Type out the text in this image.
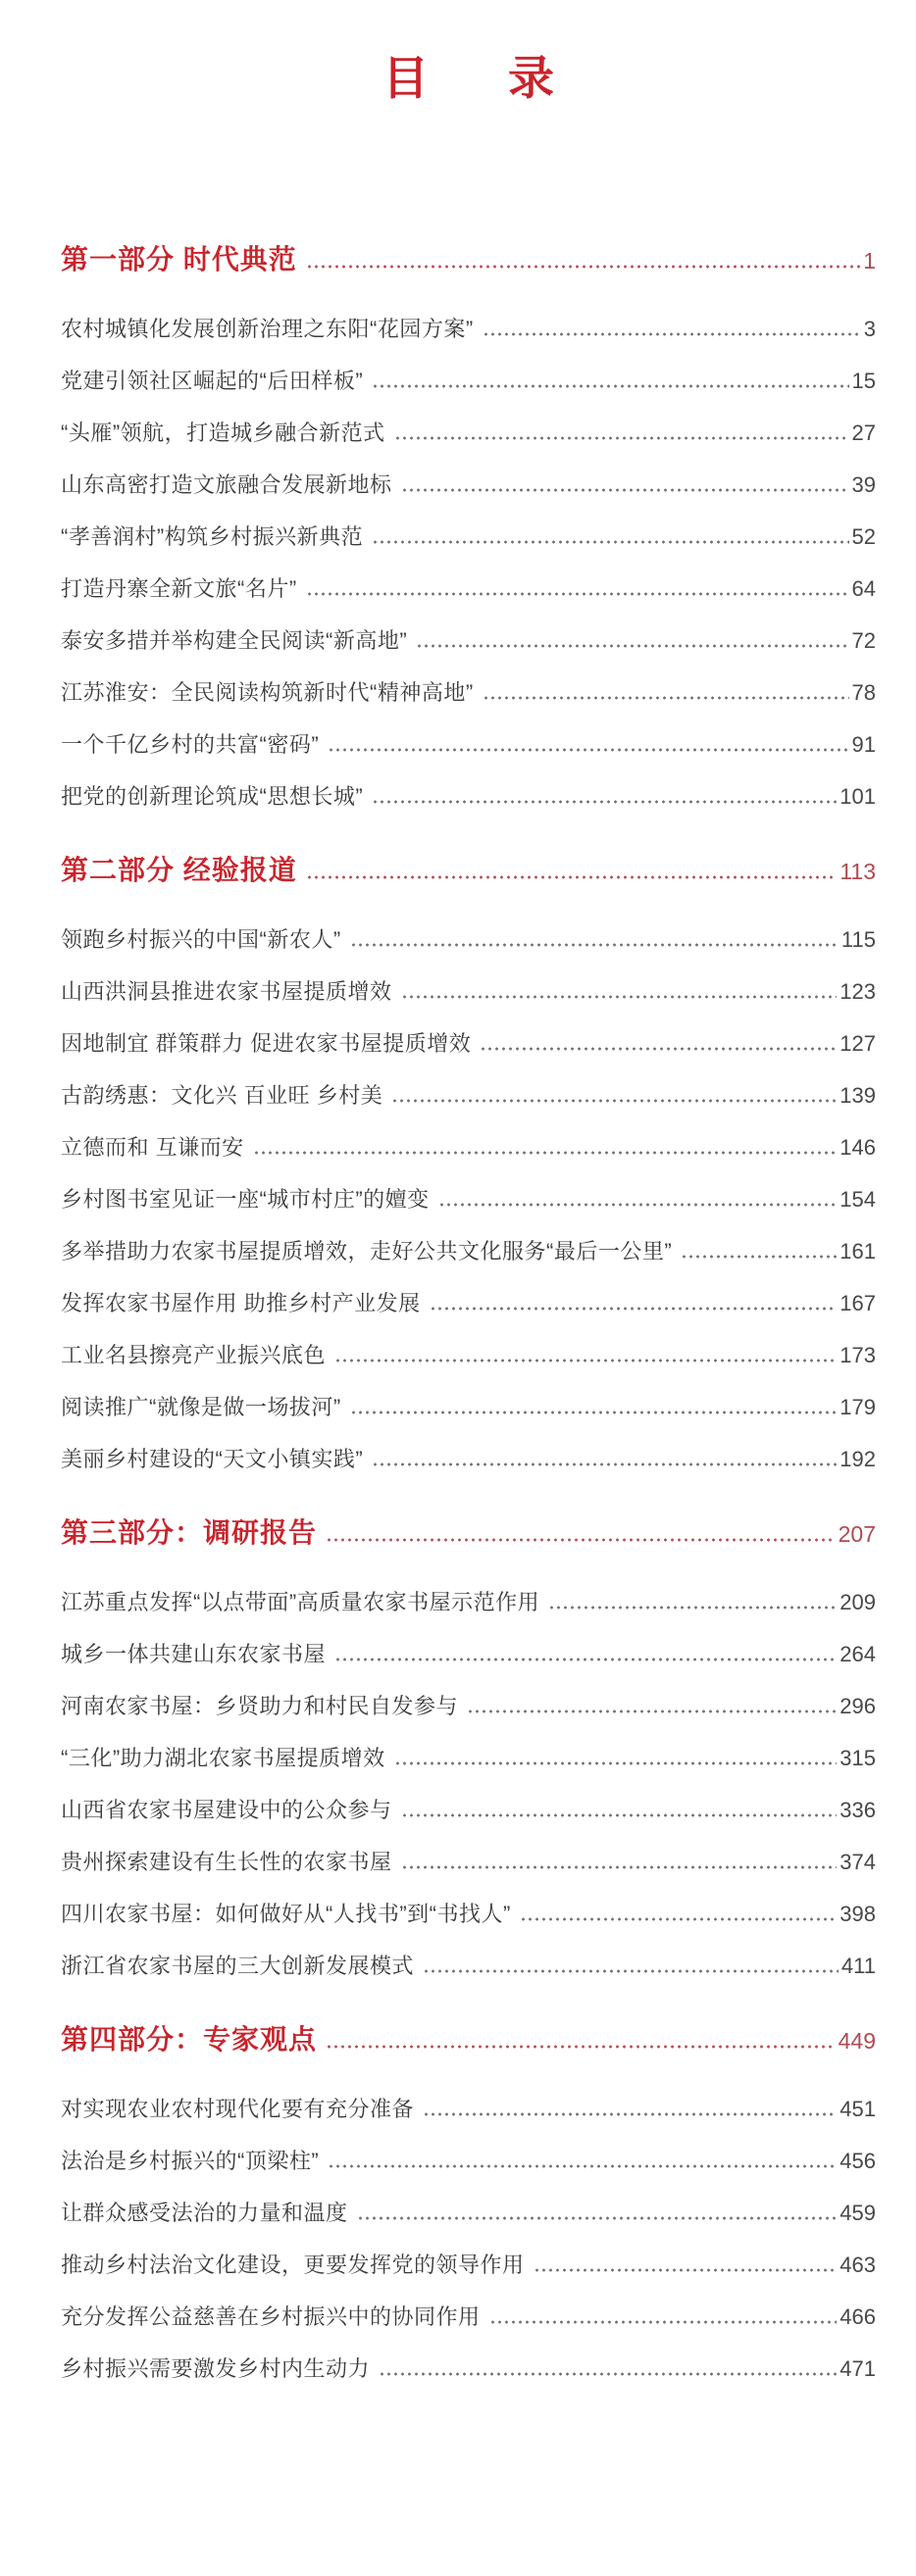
目 录
第一部分 时代典范	1
农村城镇化发展创新治理之东阳“花园方案”	3
党建引领社区崛起的“后田样板”	15
“头雁”领航，打造城乡融合新范式	27
山东高密打造文旅融合发展新地标	39
“孝善润村”构筑乡村振兴新典范	52
打造丹寨全新文旅“名片”	64
泰安多措并举构建全民阅读“新高地”	72
江苏淮安：全民阅读构筑新时代“精神高地”	78
一个千亿乡村的共富“密码”	91
把党的创新理论筑成“思想长城”	101
第二部分 经验报道	113
领跑乡村振兴的中国“新农人”	115
山西洪洞县推进农家书屋提质增效	123
因地制宜 群策群力 促进农家书屋提质增效	127
古韵绣惠：文化兴 百业旺 乡村美	139
立德而和 互谦而安	146
乡村图书室见证一座“城市村庄”的嬗变	154
多举措助力农家书屋提质增效，走好公共文化服务“最后一公里”	161
发挥农家书屋作用 助推乡村产业发展	167
工业名县擦亮产业振兴底色	173
阅读推广“就像是做一场拔河”	179
美丽乡村建设的“天文小镇实践”	192
第三部分：调研报告	207
江苏重点发挥“以点带面”高质量农家书屋示范作用	209
城乡一体共建山东农家书屋	264
河南农家书屋：乡贤助力和村民自发参与	296
“三化”助力湖北农家书屋提质增效	315
山西省农家书屋建设中的公众参与	336
贵州探索建设有生长性的农家书屋	374
四川农家书屋：如何做好从“人找书”到“书找人”	398
浙江省农家书屋的三大创新发展模式	411
第四部分：专家观点	449
对实现农业农村现代化要有充分准备	451
法治是乡村振兴的“顶梁柱”	456
让群众感受法治的力量和温度	459
推动乡村法治文化建设，更要发挥党的领导作用	463
充分发挥公益慈善在乡村振兴中的协同作用	466
乡村振兴需要激发乡村内生动力	471
